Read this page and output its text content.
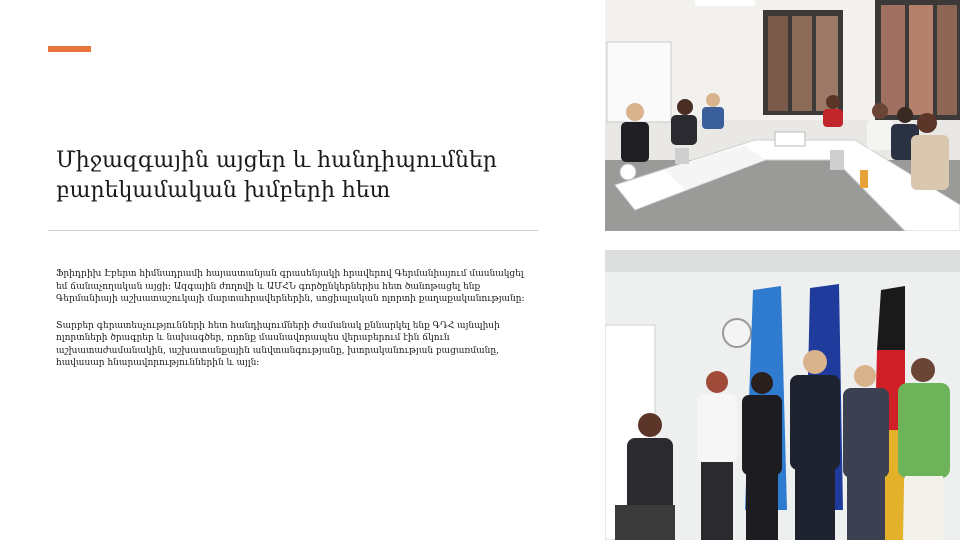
Միջազգային այցեր և հանդիպումներ
բարեկամական խմբերի հետ

Ֆրիդրիխ Էբերտ հիմնադրամի հայաստանյան գրասենյակի հրավերով Գերմանիայում մասնակցել եմ ճանաչողական այցի։ Ազգային ժողովի և ԱՄՀՆ գործընկերներիս հետ ծանոթացել ենք Գերմանիայի աշխատաշուկայի մարտահրավերներին, սոցիալական ոլորտի քաղաքականությանը։

Տարբեր գերատեսչությունների հետ հանդիպումների ժամանակ քննարկել ենք ԳԴՀ այնպիսի ոլորտների ծրագրեր և նախագծեր, որոնք մասնավորապես վերաբերում էին ճկուն աշխատաժամանակին, աշխատանքային անվտանգությանը, խտրականության բացառմանը, հավասար հնարավորություններին և այլն։
